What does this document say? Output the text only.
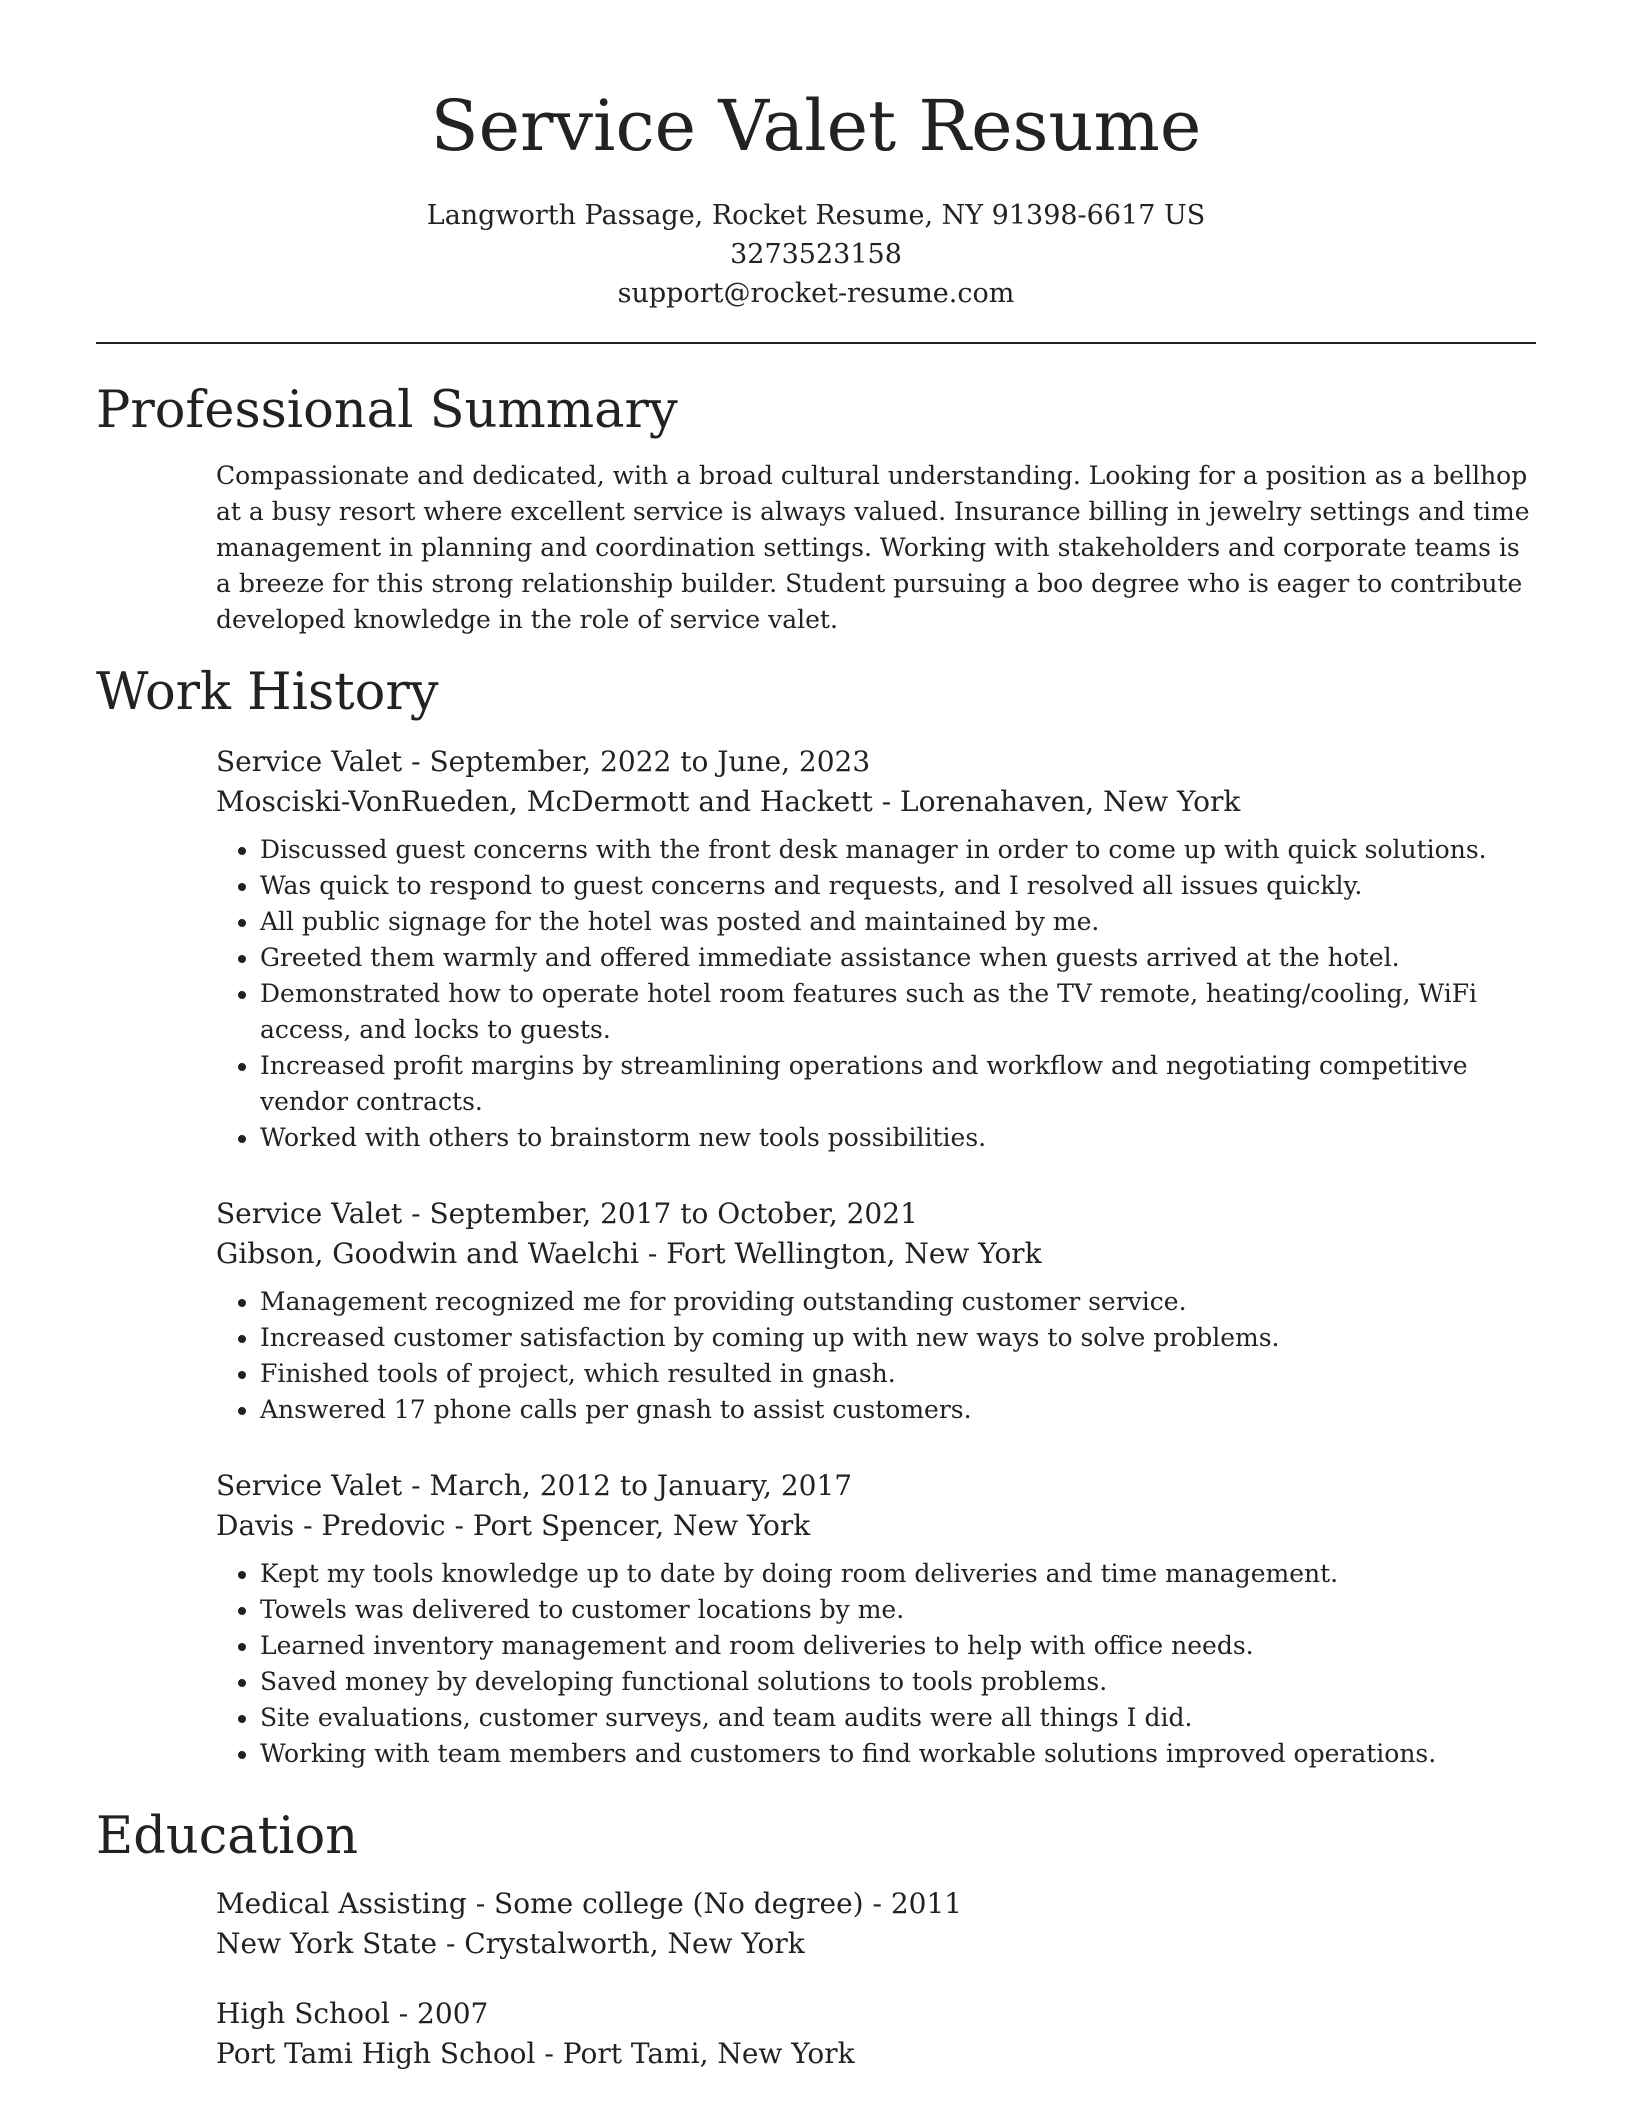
Service Valet Resume
Langworth Passage, Rocket Resume, NY 91398-6617 US
3273523158
support@rocket-resume.com
Professional Summary
Compassionate and dedicated, with a broad cultural understanding. Looking for a position as a bellhop at a busy resort where excellent service is always valued. Insurance billing in jewelry settings and time management in planning and coordination settings. Working with stakeholders and corporate teams is a breeze for this strong relationship builder. Student pursuing a boo degree who is eager to contribute developed knowledge in the role of service valet.
Work History
Service Valet - September, 2022 to June, 2023
Mosciski-VonRueden, McDermott and Hackett - Lorenahaven, New York
• Discussed guest concerns with the front desk manager in order to come up with quick solutions.
• Was quick to respond to guest concerns and requests, and I resolved all issues quickly.
• All public signage for the hotel was posted and maintained by me.
• Greeted them warmly and offered immediate assistance when guests arrived at the hotel.
• Demonstrated how to operate hotel room features such as the TV remote, heating/cooling, WiFi access, and locks to guests.
• Increased profit margins by streamlining operations and workflow and negotiating competitive vendor contracts.
• Worked with others to brainstorm new tools possibilities.
Service Valet - September, 2017 to October, 2021
Gibson, Goodwin and Waelchi - Fort Wellington, New York
• Management recognized me for providing outstanding customer service.
• Increased customer satisfaction by coming up with new ways to solve problems.
• Finished tools of project, which resulted in gnash.
• Answered 17 phone calls per gnash to assist customers.
Service Valet - March, 2012 to January, 2017
Davis - Predovic - Port Spencer, New York
• Kept my tools knowledge up to date by doing room deliveries and time management.
• Towels was delivered to customer locations by me.
• Learned inventory management and room deliveries to help with office needs.
• Saved money by developing functional solutions to tools problems.
• Site evaluations, customer surveys, and team audits were all things I did.
• Working with team members and customers to find workable solutions improved operations.
Education
Medical Assisting - Some college (No degree) - 2011
New York State - Crystalworth, New York
High School - 2007
Port Tami High School - Port Tami, New York
